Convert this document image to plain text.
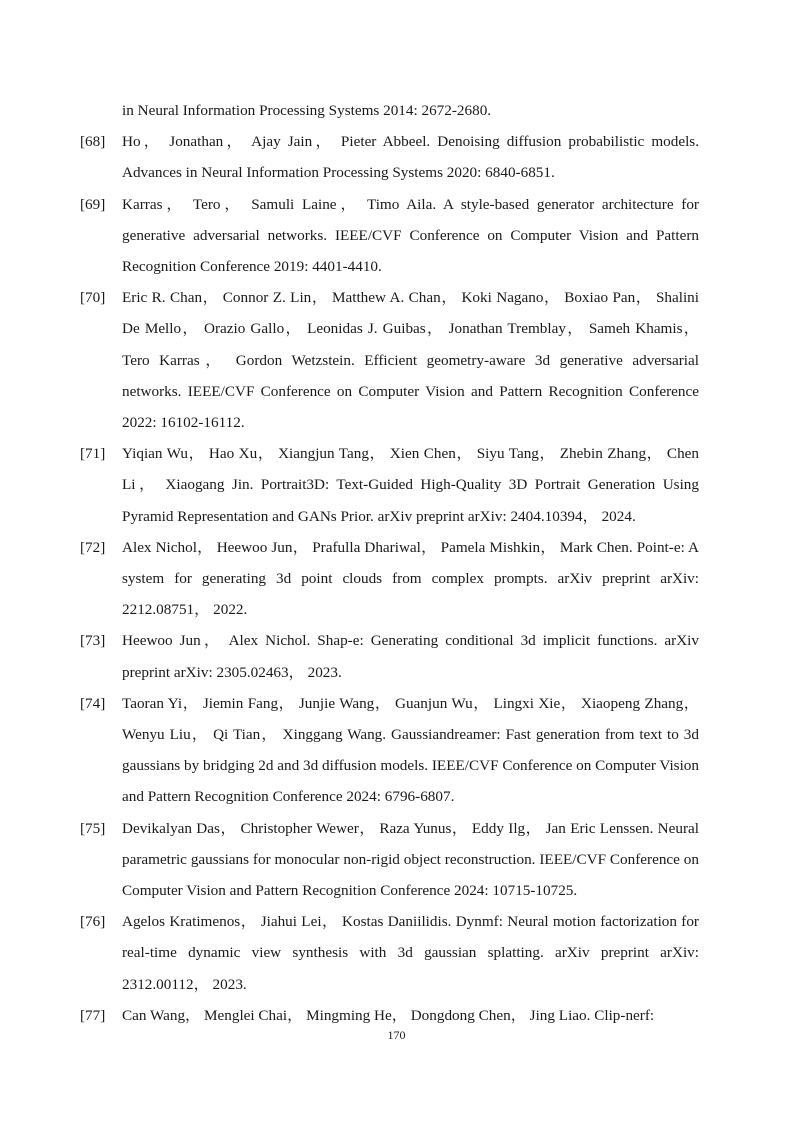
in Neural Information Processing Systems 2014: 2672-2680.
[68] Ho， Jonathan， Ajay Jain， Pieter Abbeel. Denoising diffusion probabilistic models. Advances in Neural Information Processing Systems 2020: 6840-6851.
[69] Karras， Tero， Samuli Laine， Timo Aila. A style-based generator architecture for generative adversarial networks. IEEE/CVF Conference on Computer Vision and Pattern Recognition Conference 2019: 4401-4410.
[70] Eric R. Chan， Connor Z. Lin， Matthew A. Chan， Koki Nagano， Boxiao Pan， Shalini De Mello， Orazio Gallo， Leonidas J. Guibas， Jonathan Tremblay， Sameh Khamis， Tero Karras， Gordon Wetzstein. Efficient geometry-aware 3d generative adversarial networks. IEEE/CVF Conference on Computer Vision and Pattern Recognition Conference 2022: 16102-16112.
[71] Yiqian Wu， Hao Xu， Xiangjun Tang， Xien Chen， Siyu Tang， Zhebin Zhang， Chen Li， Xiaogang Jin. Portrait3D: Text-Guided High-Quality 3D Portrait Generation Using Pyramid Representation and GANs Prior. arXiv preprint arXiv: 2404.10394， 2024.
[72] Alex Nichol， Heewoo Jun， Prafulla Dhariwal， Pamela Mishkin， Mark Chen. Point-e: A system for generating 3d point clouds from complex prompts. arXiv preprint arXiv: 2212.08751， 2022.
[73] Heewoo Jun， Alex Nichol. Shap-e: Generating conditional 3d implicit functions. arXiv preprint arXiv: 2305.02463， 2023.
[74] Taoran Yi， Jiemin Fang， Junjie Wang， Guanjun Wu， Lingxi Xie， Xiaopeng Zhang， Wenyu Liu， Qi Tian， Xinggang Wang. Gaussiandreamer: Fast generation from text to 3d gaussians by bridging 2d and 3d diffusion models. IEEE/CVF Conference on Computer Vision and Pattern Recognition Conference 2024: 6796-6807.
[75] Devikalyan Das， Christopher Wewer， Raza Yunus， Eddy Ilg， Jan Eric Lenssen. Neural parametric gaussians for monocular non-rigid object reconstruction. IEEE/CVF Conference on Computer Vision and Pattern Recognition Conference 2024: 10715-10725.
[76] Agelos Kratimenos， Jiahui Lei， Kostas Daniilidis. Dynmf: Neural motion factorization for real-time dynamic view synthesis with 3d gaussian splatting. arXiv preprint arXiv: 2312.00112， 2023.
[77] Can Wang， Menglei Chai， Mingming He， Dongdong Chen， Jing Liao. Clip-nerf:
170
